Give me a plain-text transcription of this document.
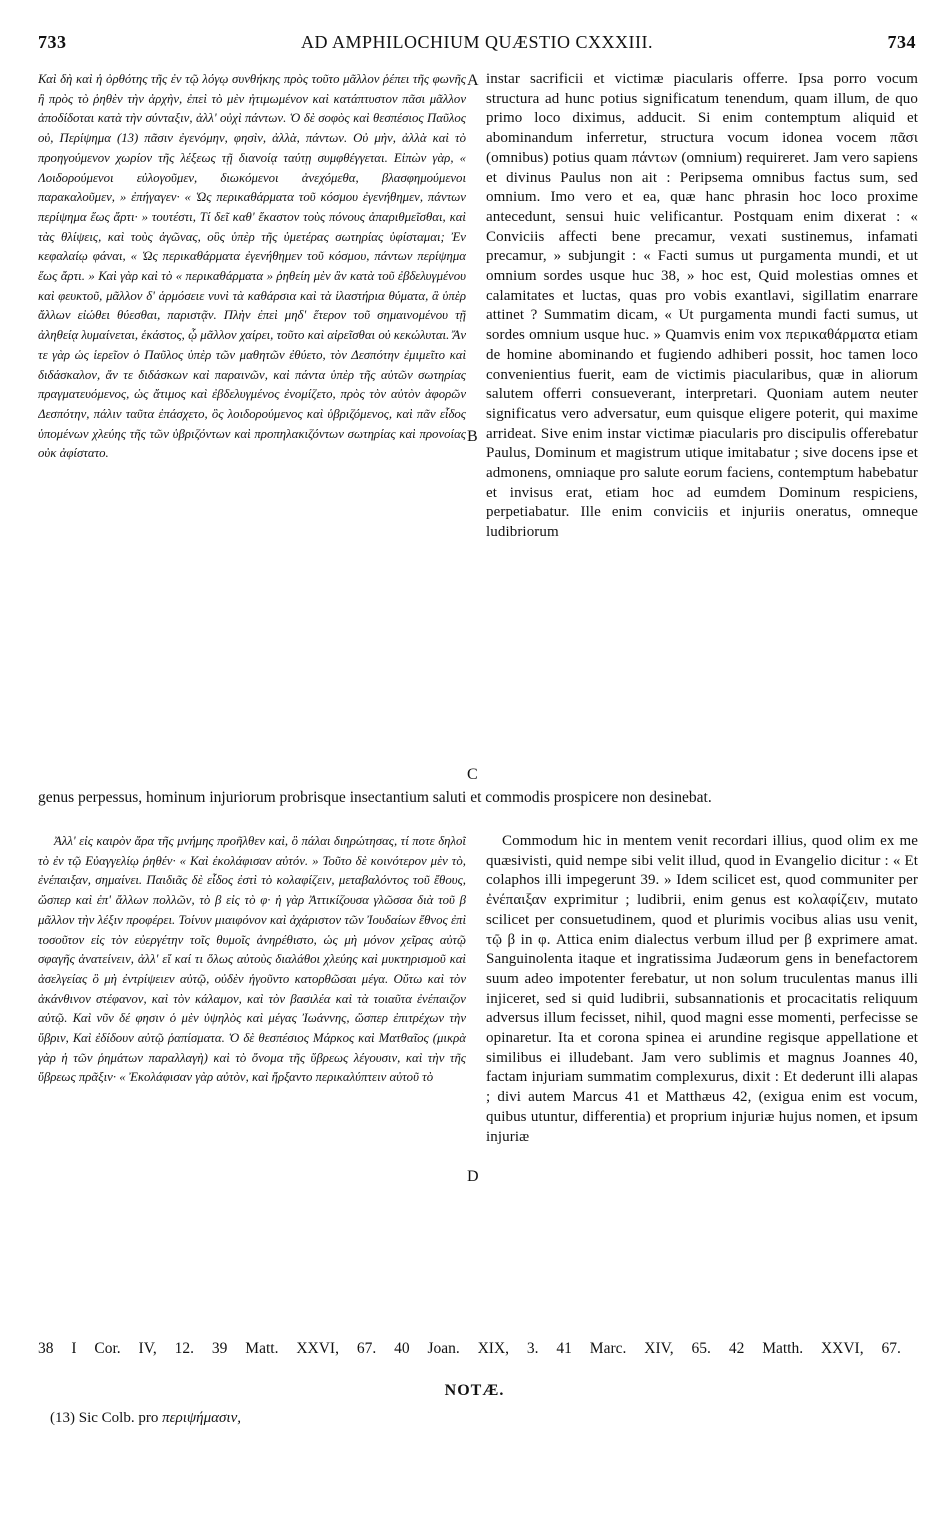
733	AD AMPHILOCHIUM QUÆSTIO CXXXIII.	734

Καὶ δὴ καὶ ἡ ὀρθότης τῆς ἐν τῷ λόγῳ συνθήκης πρὸς τοῦτο μᾶλλον ῥέπει τῆς φωνῆς ἢ πρὸς τὸ ῥηθὲν τὴν ἀρχὴν, ἐπεὶ τὸ μὲν ἠτιμωμένον καὶ κατάπτυστον πᾶσι μᾶλλον ἀποδίδοται κατὰ τὴν σύνταξιν, ἀλλ' οὐχὶ πάντων. Ὁ δὲ σοφὸς καὶ θεσπέσιος Παῦλος οὐ, Περίψημα (13) πᾶσιν ἐγενόμην, φησὶν, ἀλλὰ, πάντων. Οὐ μὴν, ἀλλὰ καὶ τὸ προηγούμενον χωρίον τῆς λέξεως τῇ διανοίᾳ ταύτῃ συμφθέγγεται. Εἰπὼν γὰρ, « Λοιδορούμενοι εὐλογοῦμεν, διωκόμενοι ἀνεχόμεθα, βλασφημούμενοι παρακαλοῦμεν, » ἐπήγαγεν· « Ὡς περικαθάρματα τοῦ κόσμου ἐγενήθημεν, πάντων περίψημα ἕως ἄρτι· » τουτέστι, Τί δεῖ καθ' ἕκαστον τοὺς πόνους ἀπαριθμεῖσθαι, καὶ τὰς θλίψεις, καὶ τοὺς ἀγῶνας, οὓς ὑπὲρ τῆς ὑμετέρας σωτηρίας ὑφίσταμαι; Ἐν κεφαλαίῳ φάναι, « Ὡς περικαθάρματα ἐγενήθημεν τοῦ κόσμου, πάντων περίψημα ἕως ἄρτι. » Καὶ γὰρ καὶ τὸ « περικαθάρματα » ῥηθείη μὲν ἂν κατὰ τοῦ ἐβδελυγμένου καὶ φευκτοῦ, μᾶλλον δ' ἁρμόσειε νυνὶ τὰ καθάρσια καὶ τὰ ἱλαστήρια θύματα, ἃ ὑπὲρ ἄλλων εἰώθει θύεσθαι, παριστᾷν. Πλὴν ἐπεὶ μηδ' ἕτερον τοῦ σημαινομένου τῇ ἀληθείᾳ λυμαίνεται, ἑκάστος, ᾧ μᾶλλον χαίρει, τοῦτο καὶ αἱρεῖσθαι οὐ κεκώλυται. Ἄν τε γὰρ ὡς ἱερεῖον ὁ Παῦλος ὑπὲρ τῶν μαθητῶν ἐθύετο, τὸν Δεσπότην ἐμιμεῖτο καὶ διδάσκαλον, ἄν τε διδάσκων καὶ παραινῶν, καὶ πάντα ὑπὲρ τῆς αὐτῶν σωτηρίας πραγματευόμενος, ὡς ἄτιμος καὶ ἐβδελυγμένος ἐνομίζετο, πρὸς τὸν αὐτὸν ἀφορῶν Δεσπότην, πάλιν ταῦτα ἐπάσχετο, ὃς λοιδορούμενος καὶ ὑβριζόμενος, καὶ πᾶν εἶδος ὑπομένων χλεύης τῆς τῶν ὑβριζόντων καὶ προπηλακιζόντων σωτηρίας καὶ προνοίας οὐκ ἀφίστατο.

A
B
C
D

instar sacrificii et victimæ piacularis offerre. Ipsa porro vocum structura ad hunc potius significatum tenendum, quam illum, de quo primo loco diximus, adducit. Si enim contemptum aliquid et abominandum inferretur, structura vocum idonea vocem πᾶσι (omnibus) potius quam πάντων (omnium) requireret. Jam vero sapiens et divinus Paulus non ait : Peripsema omnibus factus sum, sed omnium. Imo vero et ea, quæ hanc phrasin hoc loco proxime antecedunt, sensui huic velificantur. Postquam enim dixerat : « Conviciis affecti bene precamur, vexati sustinemus, infamati precamur, » subjungit : « Facti sumus ut purgamenta mundi, et ut omnium sordes usque huc 38, » hoc est, Quid molestias omnes et calamitates et luctas, quas pro vobis exantlavi, sigillatim enarrare attinet ? Summatim dicam, « Ut purgamenta mundi facti sumus, ut sordes omnium usque huc. » Quamvis enim vox περικαθάρματα etiam de homine abominando et fugiendo adhiberi possit, hoc tamen loco convenientius fuerit, eam de victimis piacularibus, quæ in aliorum salutem offerri consueverant, interpretari. Quoniam autem neuter significatus vero adversatur, eum quisque eligere poterit, qui maxime arrideat. Sive enim instar victimæ piacularis pro discipulis offerebatur Paulus, Dominum et magistrum utique imitabatur ; sive docens ipse et admonens, omniaque pro salute eorum faciens, contemptum habebatur et invisus erat, etiam hoc ad eumdem Dominum respiciens, perpetiabatur. Ille enim conviciis et injuriis oneratus, omneque ludibriorum

genus perpessus, hominum injuriorum probrisque insectantium saluti et commodis prospicere non desinebat.

Ἀλλ' εἰς καιρὸν ἄρα τῆς μνήμης προῆλθεν καὶ, ὃ πάλαι διηρώτησας, τί ποτε δηλοῖ τὸ ἐν τῷ Εὐαγγελίῳ ῥηθέν· « Καὶ ἐκολάφισαν αὐτόν. » Τοῦτο δὲ κοινότερον μὲν τὸ, ἐνέπαιξαν, σημαίνει. Παιδιᾶς δὲ εἶδος ἐστὶ τὸ κολαφίζειν, μεταβαλόντος τοῦ ἔθους, ὥσπερ καὶ ἐπ' ἄλλων πολλῶν, τὸ β εἰς τὸ φ· ἡ γὰρ Ἀττικίζουσα γλῶσσα διὰ τοῦ β μᾶλλον τὴν λέξιν προφέρει. Τοίνυν μιαιφόνον καὶ ἀχάριστον τῶν Ἰουδαίων ἔθνος ἐπὶ τοσοῦτον εἰς τὸν εὐεργέτην τοῖς θυμοῖς ἀνηρέθιστο, ὡς μὴ μόνον χεῖρας αὐτῷ σφαγῆς ἀνατείνειν, ἀλλ' εἴ καί τι ὅλως αὐτοὺς διαλάθοι χλεύης καὶ μυκτηρισμοῦ καὶ ἀσελγείας ὃ μὴ ἐντρίψειεν αὐτῷ, οὐδὲν ἡγοῦντο κατορθῶσαι μέγα. Οὕτω καὶ τὸν ἀκάνθινον στέφανον, καὶ τὸν κάλαμον, καὶ τὸν βασιλέα καὶ τὰ τοιαῦτα ἐνέπαιζον αὐτῷ. Καὶ νῦν δέ φησιν ὁ μὲν ὑψηλὸς καὶ μέγας Ἰωάννης, ὥσπερ ἐπιτρέχων τὴν ὕβριν, Καὶ ἐδίδουν αὐτῷ ῥαπίσματα. Ὁ δὲ θεσπέσιος Μάρκος καὶ Ματθαῖος (μικρὰ γὰρ ἡ τῶν ῥημάτων παραλλαγὴ) καὶ τὸ ὄνομα τῆς ὕβρεως λέγουσιν, καὶ τὴν τῆς ὕβρεως πρᾶξιν· « Ἐκολάφισαν γὰρ αὐτὸν, καὶ ἤρξαντο περικαλύπτειν αὐτοῦ τὸ

Commodum hic in mentem venit recordari illius, quod olim ex me quæsivisti, quid nempe sibi velit illud, quod in Evangelio dicitur : « Et colaphos illi impegerunt 39. » Idem scilicet est, quod communiter per ἐνέπαιξαν exprimitur ; ludibrii, enim genus est κολαφίζειν, mutato scilicet per consuetudinem, quod et plurimis vocibus alias usu venit, τῷ β in φ. Attica enim dialectus verbum illud per β exprimere amat. Sanguinolenta itaque et ingratissima Judæorum gens in benefactorem suum adeo impotenter ferebatur, ut non solum truculentas manus illi injiceret, sed si quid ludibrii, subsannationis et procacitatis reliquum adversus illum fecisset, nihil, quod magni esse momenti, perfecisse se opinaretur. Ita et corona spinea ei arundine regisque appellatione et similibus ei illudebant. Jam vero sublimis et magnus Joannes 40, factam injuriam summatim complexurus, dixit : Et dederunt illi alapas ; divi autem Marcus 41 et Matthæus 42, (exigua enim est vocum, quibus utuntur, differentia) et proprium injuriæ hujus nomen, et ipsum injuriæ

38 I Cor. IV, 12. 39 Matt. XXVI, 67. 40 Joan. XIX, 3. 41 Marc. XIV, 65. 42 Matth. XXVI, 67.
NOTÆ.
(13) Sic Colb. pro περιψήμασιν,
